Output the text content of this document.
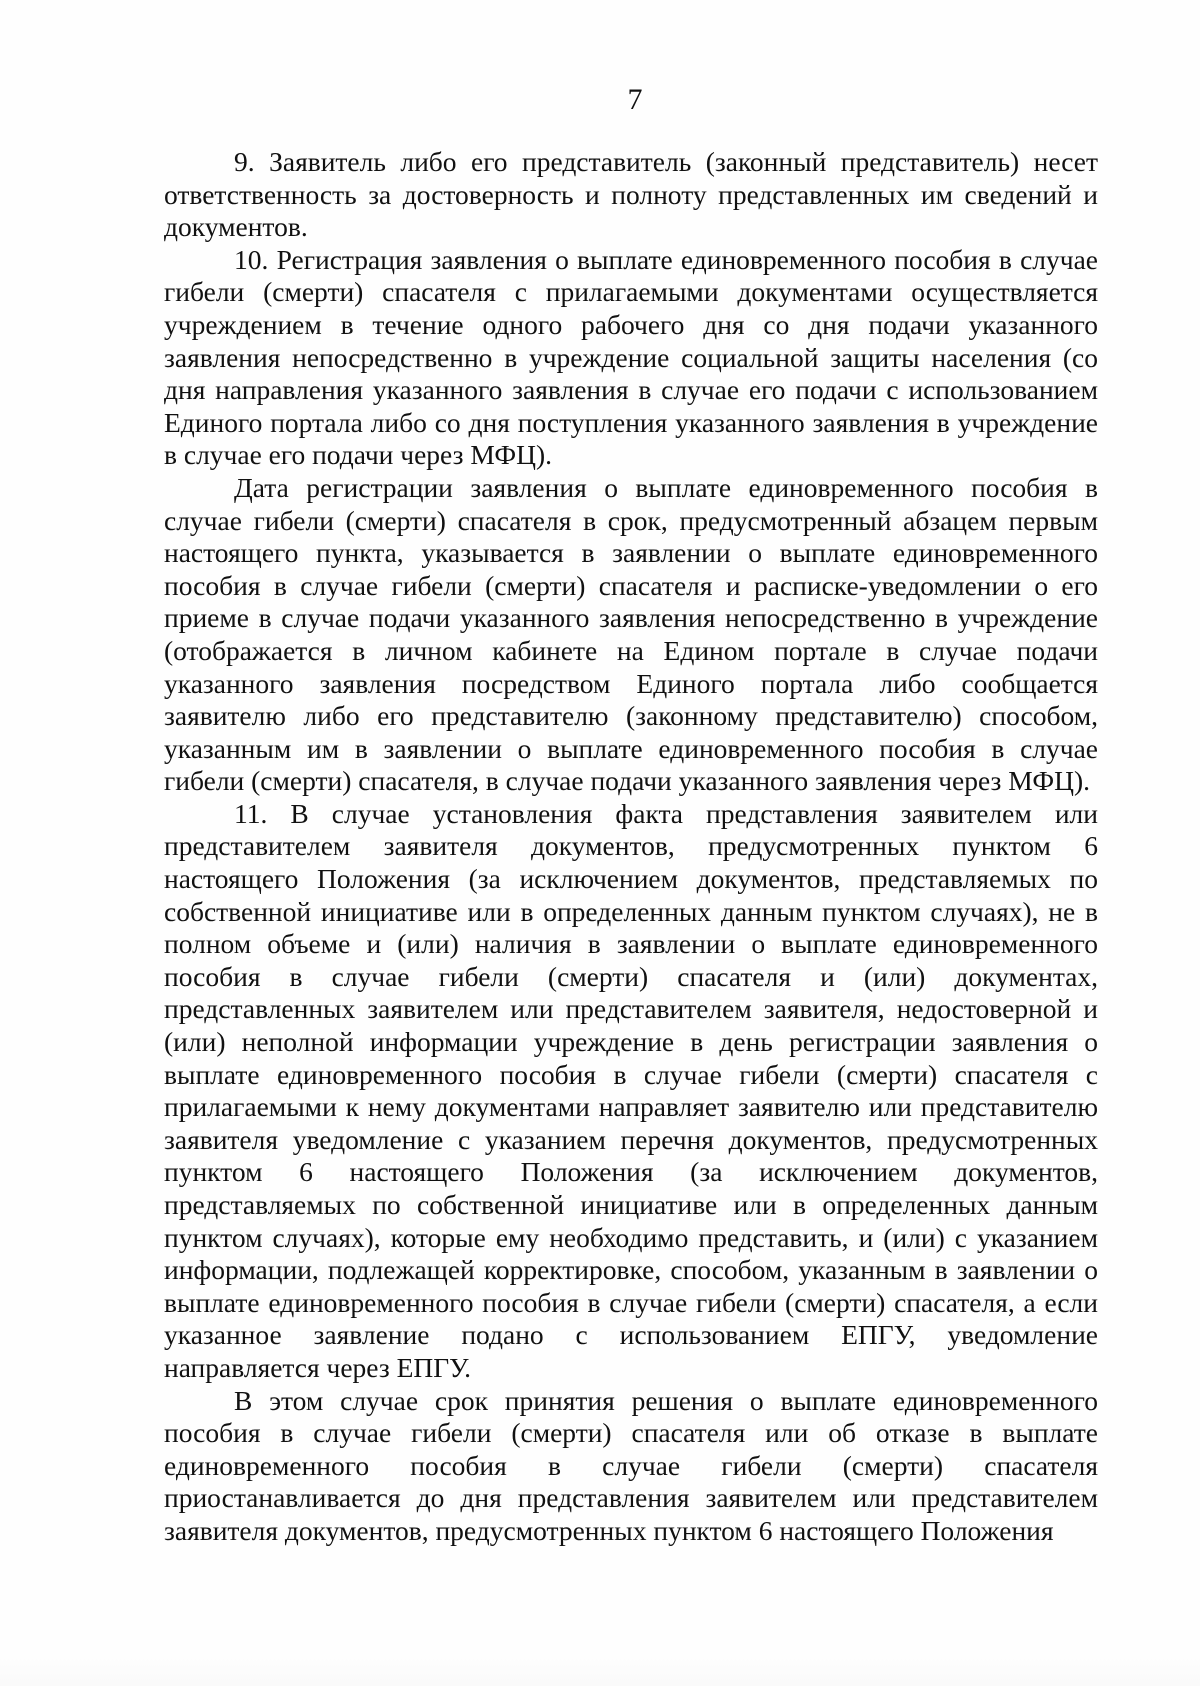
7

9. Заявитель либо его представитель (законный представитель) несет ответственность за достоверность и полноту представленных им сведений и документов.

10. Регистрация заявления о выплате единовременного пособия в случае гибели (смерти) спасателя с прилагаемыми документами осуществляется учреждением в течение одного рабочего дня со дня подачи указанного заявления непосредственно в учреждение социальной защиты населения (со дня направления указанного заявления в случае его подачи с использованием Единого портала либо со дня поступления указанного заявления в учреждение в случае его подачи через МФЦ).

Дата регистрации заявления о выплате единовременного пособия в случае гибели (смерти) спасателя в срок, предусмотренный абзацем первым настоящего пункта, указывается в заявлении о выплате единовременного пособия в случае гибели (смерти) спасателя и расписке-уведомлении о его приеме в случае подачи указанного заявления непосредственно в учреждение (отображается в личном кабинете на Едином портале в случае подачи указанного заявления посредством Единого портала либо сообщается заявителю либо его представителю (законному представителю) способом, указанным им в заявлении о выплате единовременного пособия в случае гибели (смерти) спасателя, в случае подачи указанного заявления через МФЦ).

11. В случае установления факта представления заявителем или представителем заявителя документов, предусмотренных пунктом 6 настоящего Положения (за исключением документов, представляемых по собственной инициативе или в определенных данным пунктом случаях), не в полном объеме и (или) наличия в заявлении о выплате единовременного пособия в случае гибели (смерти) спасателя и (или) документах, представленных заявителем или представителем заявителя, недостоверной и (или) неполной информации учреждение в день регистрации заявления о выплате единовременного пособия в случае гибели (смерти) спасателя с прилагаемыми к нему документами направляет заявителю или представителю заявителя уведомление с указанием перечня документов, предусмотренных пунктом 6 настоящего Положения (за исключением документов, представляемых по собственной инициативе или в определенных данным пунктом случаях), которые ему необходимо представить, и (или) с указанием информации, подлежащей корректировке, способом, указанным в заявлении о выплате единовременного пособия в случае гибели (смерти) спасателя, а если указанное заявление подано с использованием ЕПГУ, уведомление направляется через ЕПГУ.

В этом случае срок принятия решения о выплате единовременного пособия в случае гибели (смерти) спасателя или об отказе в выплате единовременного пособия в случае гибели (смерти) спасателя приостанавливается до дня представления заявителем или представителем заявителя документов, предусмотренных пунктом 6 настоящего Положения
